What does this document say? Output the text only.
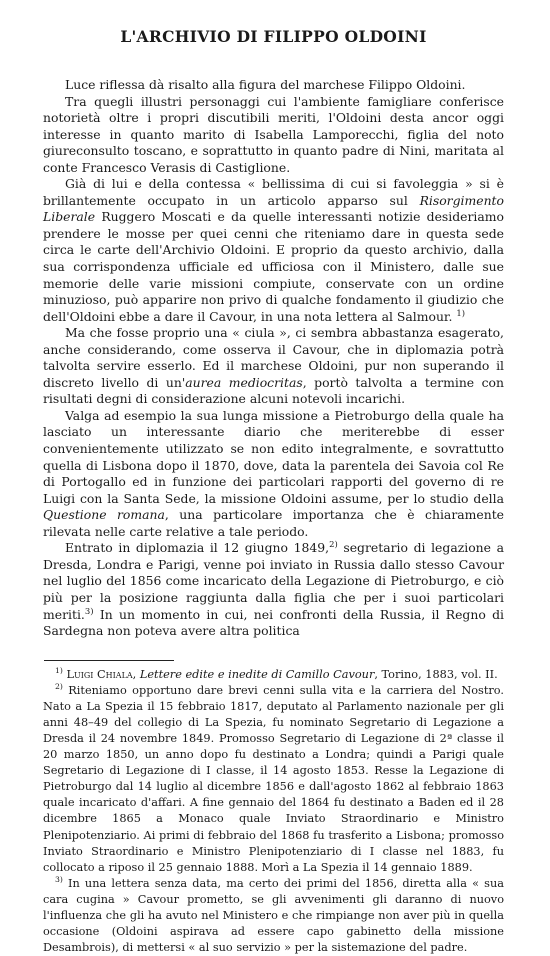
L'ARCHIVIO DI FILIPPO OLDOINI

Luce riflessa dà risalto alla figura del marchese Filippo Oldoini.

Tra quegli illustri personaggi cui l'ambiente famigliare conferisce notorietà oltre i propri discutibili meriti, l'Oldoini desta ancor oggi interesse in quanto marito di Isabella Lamporecchi, figlia del noto giureconsulto toscano, e soprattutto in quanto padre di Nini, maritata al conte Francesco Verasis di Castiglione.

Già di lui e della contessa « bellissima di cui si favoleggia » si è brillantemente occupato in un articolo apparso sul Risorgimento Liberale Ruggero Moscati e da quelle interessanti notizie desideriamo prendere le mosse per quei cenni che riteniamo dare in questa sede circa le carte dell'Archivio Oldoini. E proprio da questo archivio, dalla sua corrispondenza ufficiale ed ufficiosa con il Ministero, dalle sue memorie delle varie missioni compiute, conservate con un ordine minuzioso, può apparire non privo di qualche fondamento il giudizio che dell'Oldoini ebbe a dare il Cavour, in una nota lettera al Salmour. $^{1)}$

Ma che fosse proprio una « ciula », ci sembra abbastanza esagerato, anche considerando, come osserva il Cavour, che in diplomazia potrà talvolta servire esserlo. Ed il marchese Oldoini, pur non superando il discreto livello di un'aurea mediocritas, portò talvolta a termine con risultati degni di considerazione alcuni notevoli incarichi.

Valga ad esempio la sua lunga missione a Pietroburgo della quale ha lasciato un interessante diario che meriterebbe di esser convenientemente utilizzato se non edito integralmente, e sovrattutto quella di Lisbona dopo il 1870, dove, data la parentela dei Savoia col Re di Portogallo ed in funzione dei particolari rapporti del governo di re Luigi con la Santa Sede, la missione Oldoini assume, per lo studio della Questione romana, una particolare importanza che è chiaramente rilevata nelle carte relative a tale periodo.

Entrato in diplomazia il 12 giugno 1849,$^{2)}$ segretario di legazione a Dresda, Londra e Parigi, venne poi inviato in Russia dallo stesso Cavour nel luglio del 1856 come incaricato della Legazione di Pietroburgo, e ciò più per la posizione raggiunta dalla figlia che per i suoi particolari meriti.$^{3)}$ In un momento in cui, nei confronti della Russia, il Regno di Sardegna non poteva avere altra politica

$^{1)}$ Luigi Chiala, Lettere edite e inedite di Camillo Cavour, Torino, 1883, vol. II.

$^{2)}$ Riteniamo opportuno dare brevi cenni sulla vita e la carriera del Nostro. Nato a La Spezia il 15 febbraio 1817, deputato al Parlamento nazionale per gli anni 48–49 del collegio di La Spezia, fu nominato Segretario di Legazione a Dresda il 24 novembre 1849. Promosso Segretario di Legazione di 2ª classe il 20 marzo 1850, un anno dopo fu destinato a Londra; quindi a Parigi quale Segretario di Legazione di I classe, il 14 agosto 1853. Resse la Legazione di Pietroburgo dal 14 luglio al dicembre 1856 e dall'agosto 1862 al febbraio 1863 quale incaricato d'affari. A fine gennaio del 1864 fu destinato a Baden ed il 28 dicembre 1865 a Monaco quale Inviato Straordinario e Ministro Plenipotenziario. Ai primi di febbraio del 1868 fu trasferito a Lisbona; promosso Inviato Straordinario e Ministro Plenipotenziario di I classe nel 1883, fu collocato a riposo il 25 gennaio 1888. Morì a La Spezia il 14 gennaio 1889.

$^{3)}$ In una lettera senza data, ma certo dei primi del 1856, diretta alla « sua cara cugina » Cavour prometto, se gli avvenimenti gli daranno di nuovo l'influenza che gli ha avuto nel Ministero e che rimpiange non aver più in quella occasione (Oldoini aspirava ad essere capo gabinetto della missione Desambrois), di mettersi « al suo servizio » per la sistemazione del padre.
